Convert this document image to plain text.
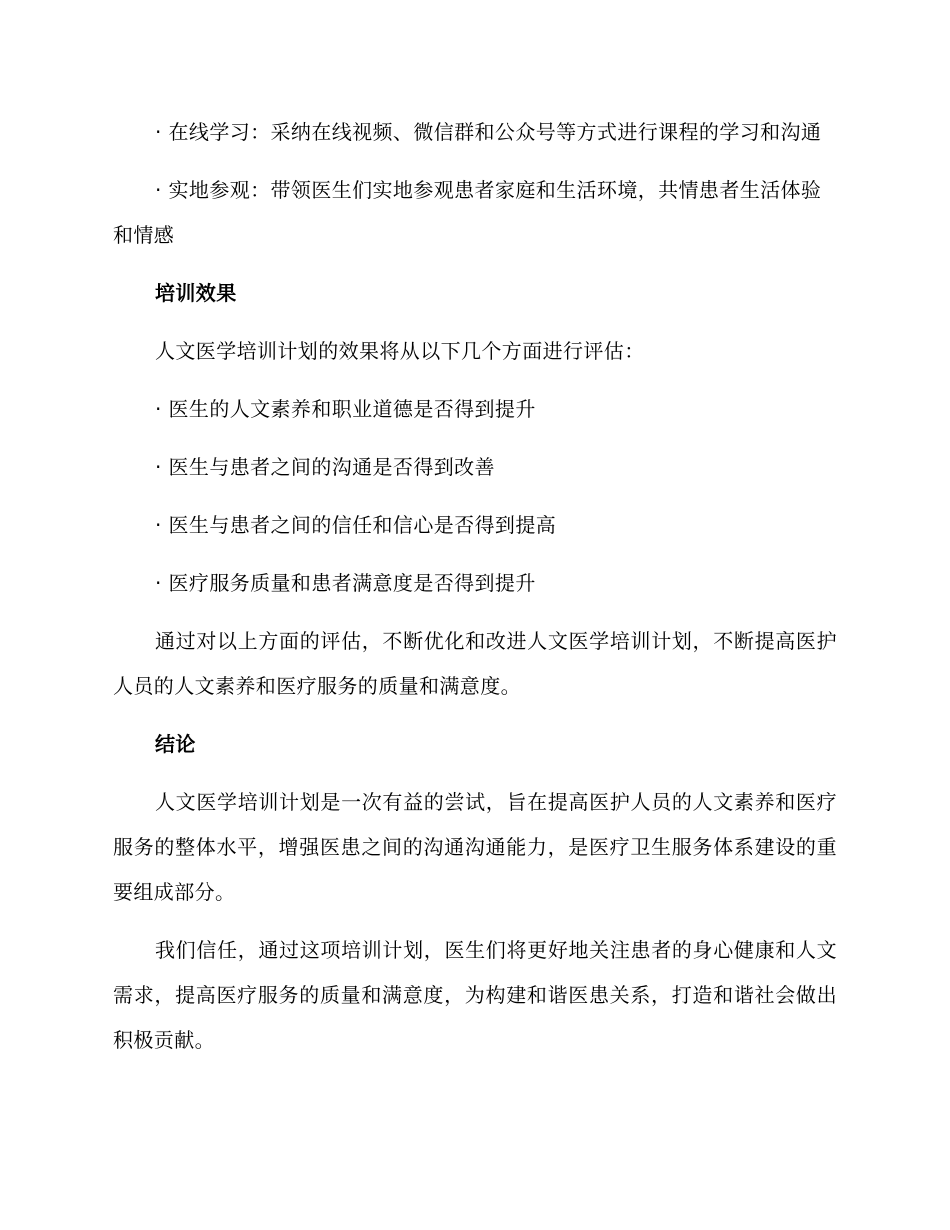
· 在线学习：采纳在线视频、微信群和公众号等方式进行课程的学习和沟通

· 实地参观：带领医生们实地参观患者家庭和生活环境，共情患者生活体验和情感

培训效果

人文医学培训计划的效果将从以下几个方面进行评估：

· 医生的人文素养和职业道德是否得到提升

· 医生与患者之间的沟通是否得到改善

· 医生与患者之间的信任和信心是否得到提高

· 医疗服务质量和患者满意度是否得到提升

通过对以上方面的评估，不断优化和改进人文医学培训计划，不断提高医护人员的人文素养和医疗服务的质量和满意度。

结论

人文医学培训计划是一次有益的尝试，旨在提高医护人员的人文素养和医疗服务的整体水平，增强医患之间的沟通沟通能力，是医疗卫生服务体系建设的重要组成部分。

我们信任，通过这项培训计划，医生们将更好地关注患者的身心健康和人文需求，提高医疗服务的质量和满意度，为构建和谐医患关系，打造和谐社会做出积极贡献。
